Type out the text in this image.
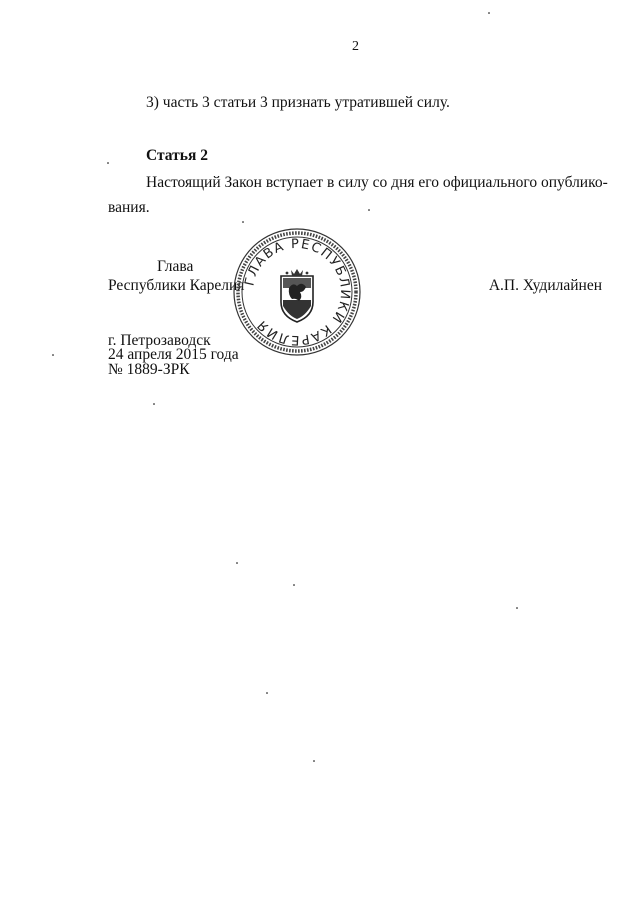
2
3) часть 3 статьи 3 признать утратившей силу.
Статья 2
Настоящий Закон вступает в силу со дня его официального опублико-
вания.
Глава
Республики Карелия	А.П. Худилайнен
ГЛАВА РЕСПУБЛИКИ КАРЕЛИЯ
г. Петрозаводск
24 апреля 2015 года
№ 1889-ЗРК
